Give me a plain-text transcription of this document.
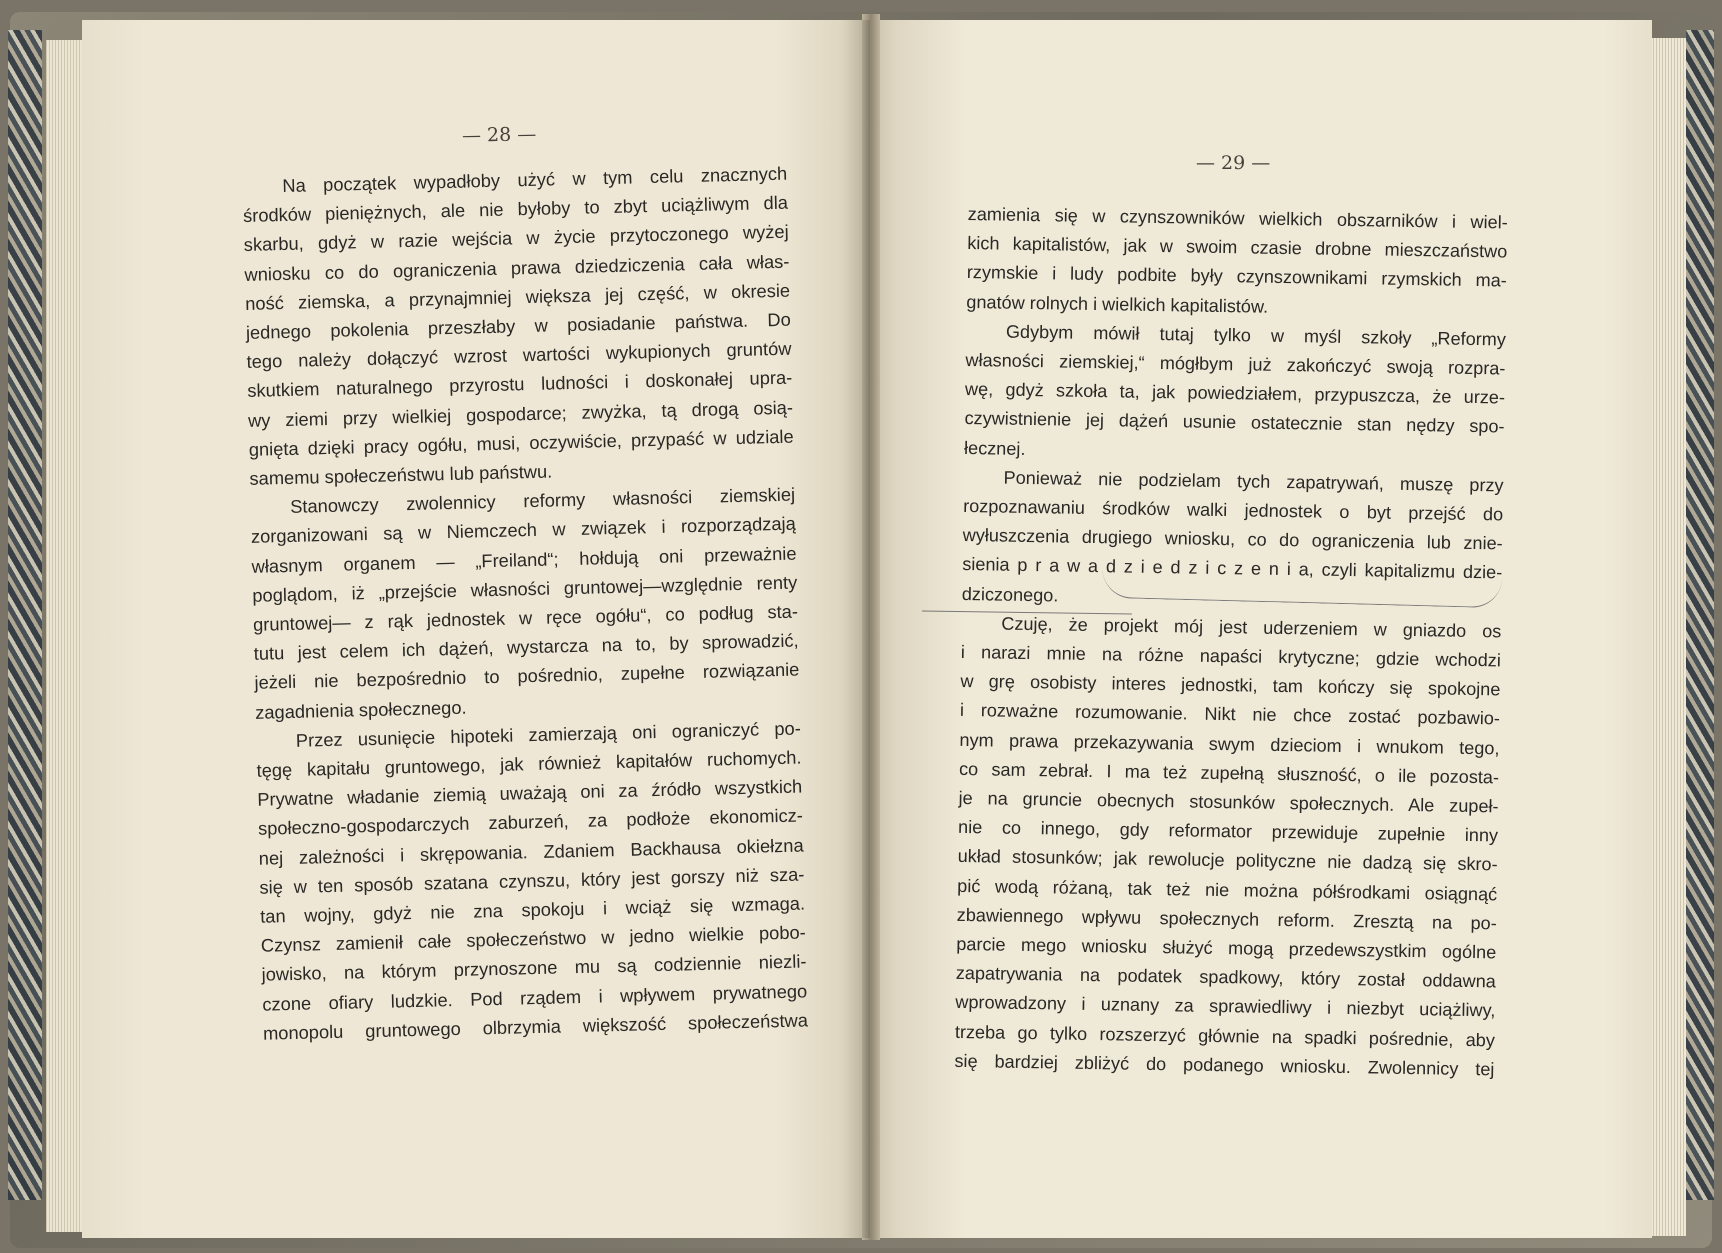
— 28 —
— 29 —
Na początek wypadłoby użyć w tym celu znacznych
środków pieniężnych, ale nie byłoby to zbyt uciążliwym dla
skarbu, gdyż w razie wejścia w życie przytoczonego wyżej
wniosku co do ograniczenia prawa dziedziczenia cała włas-
ność ziemska, a przynajmniej większa jej część, w okresie
jednego pokolenia przeszłaby w posiadanie państwa. Do
tego należy dołączyć wzrost wartości wykupionych gruntów
skutkiem naturalnego przyrostu ludności i doskonałej upra-
wy ziemi przy wielkiej gospodarce; zwyżka, tą drogą osią-
gnięta dzięki pracy ogółu, musi, oczywiście, przypaść w udziale
samemu społeczeństwu lub państwu.
Stanowczy zwolennicy reformy własności ziemskiej
zorganizowani są w Niemczech w związek i rozporządzają
własnym organem — „Freiland“; hołdują oni przeważnie
poglądom, iż „przejście własności gruntowej—względnie renty
gruntowej— z rąk jednostek w ręce ogółu“, co podług sta-
tutu jest celem ich dążeń, wystarcza na to, by sprowadzić,
jeżeli nie bezpośrednio to pośrednio, zupełne rozwiązanie
zagadnienia społecznego.
Przez usunięcie hipoteki zamierzają oni ograniczyć po-
tęgę kapitału gruntowego, jak również kapitałów ruchomych.
Prywatne władanie ziemią uważają oni za źródło wszystkich
społeczno-gospodarczych zaburzeń, za podłoże ekonomicz-
nej zależności i skrępowania. Zdaniem Backhausa okiełzna
się w ten sposób szatana czynszu, który jest gorszy niż sza-
tan wojny, gdyż nie zna spokoju i wciąż się wzmaga.
Czynsz zamienił całe społeczeństwo w jedno wielkie pobo-
jowisko, na którym przynoszone mu są codziennie niezli-
czone ofiary ludzkie. Pod rządem i wpływem prywatnego
monopolu gruntowego olbrzymia większość społeczeństwa
zamienia się w czynszowników wielkich obszarników i wiel-
kich kapitalistów, jak w swoim czasie drobne mieszczaństwo
rzymskie i ludy podbite były czynszownikami rzymskich ma-
gnatów rolnych i wielkich kapitalistów.
Gdybym mówił tutaj tylko w myśl szkoły „Reformy
własności ziemskiej,“ mógłbym już zakończyć swoją rozpra-
wę, gdyż szkoła ta, jak powiedziałem, przypuszcza, że urze-
czywistnienie jej dążeń usunie ostatecznie stan nędzy spo-
łecznej.
Ponieważ nie podzielam tych zapatrywań, muszę przy
rozpoznawaniu środków walki jednostek o byt przejść do
wyłuszczenia drugiego wniosku, co do ograniczenia lub znie-
sienia p r a w a d z i e d z i c z e n i a, czyli kapitalizmu dzie-
dziczonego.
Czuję, że projekt mój jest uderzeniem w gniazdo os
i narazi mnie na różne napaści krytyczne; gdzie wchodzi
w grę osobisty interes jednostki, tam kończy się spokojne
i rozważne rozumowanie. Nikt nie chce zostać pozbawio-
nym prawa przekazywania swym dzieciom i wnukom tego,
co sam zebrał. I ma też zupełną słuszność, o ile pozosta-
je na gruncie obecnych stosunków społecznych. Ale zupeł-
nie co innego, gdy reformator przewiduje zupełnie inny
układ stosunków; jak rewolucje polityczne nie dadzą się skro-
pić wodą różaną, tak też nie można półśrodkami osiągnąć
zbawiennego wpływu społecznych reform. Zresztą na po-
parcie mego wniosku służyć mogą przedewszystkim ogólne
zapatrywania na podatek spadkowy, który został oddawna
wprowadzony i uznany za sprawiedliwy i niezbyt uciążliwy,
trzeba go tylko rozszerzyć głównie na spadki pośrednie, aby
się bardziej zbliżyć do podanego wniosku. Zwolennicy tej
